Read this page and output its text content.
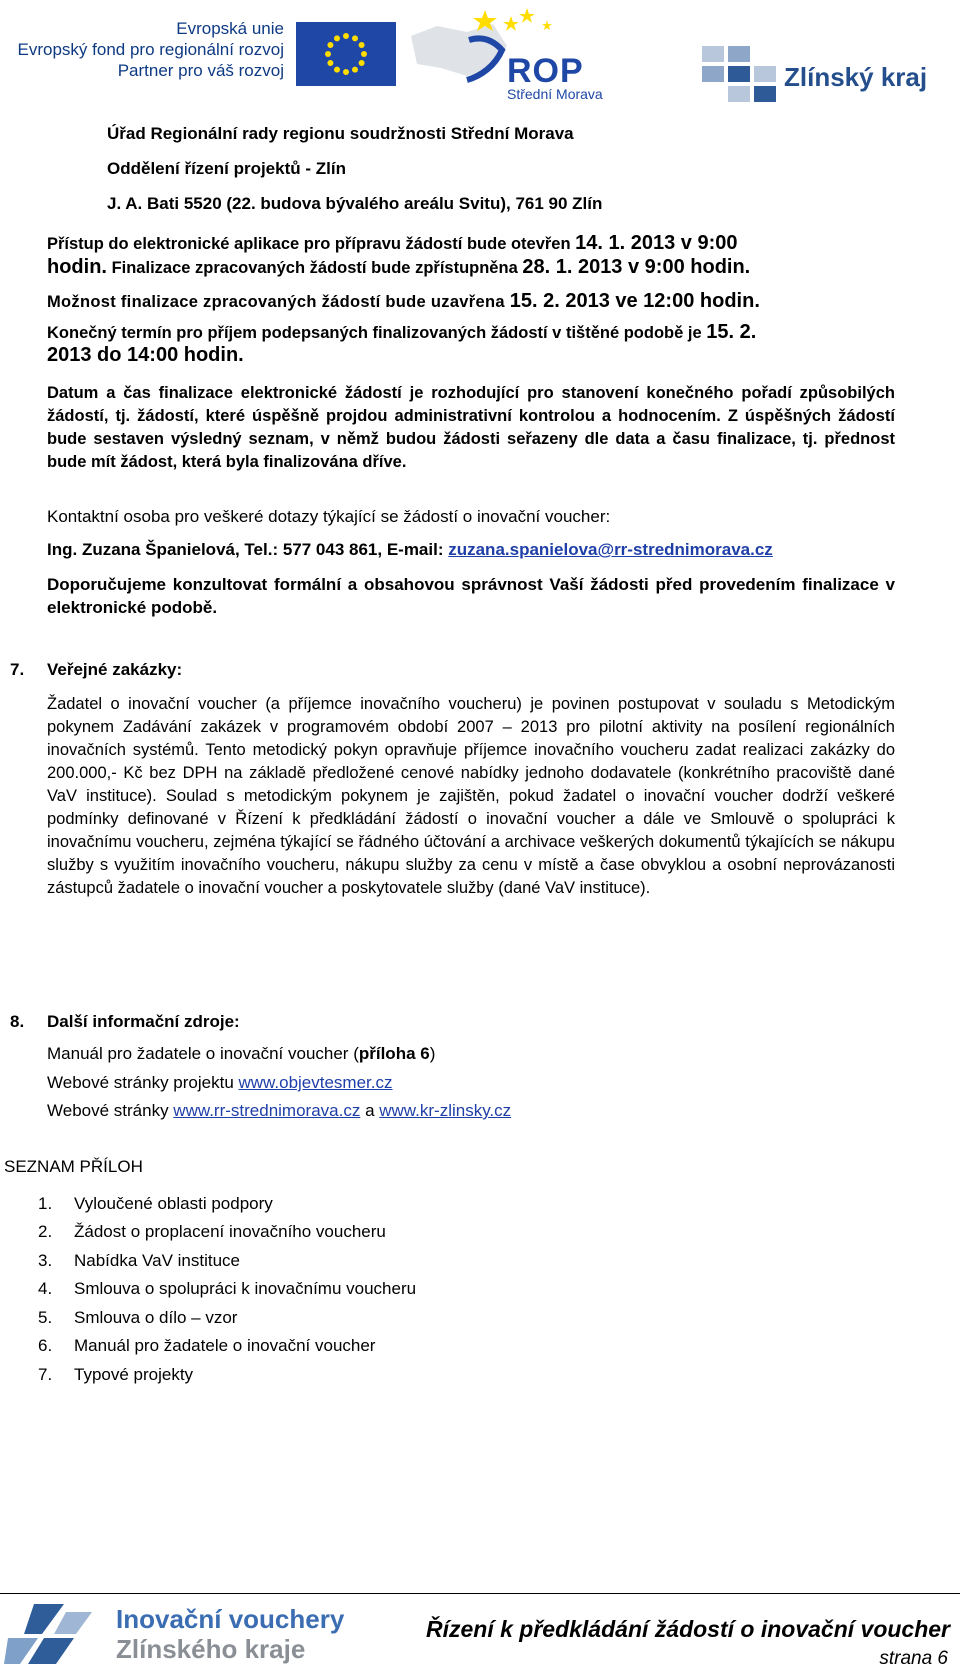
Evropská unie
Evropský fond pro regionální rozvoj
Partner pro váš rozvoj	ROP
Střední Morava
Zlínský kraj
Úřad Regionální rady regionu soudržnosti Střední Morava
Oddělení řízení projektů - Zlín
J. A. Bati 5520 (22. budova bývalého areálu Svitu), 761 90 Zlín
Přístup do elektronické aplikace pro přípravu žádostí bude otevřen 14. 1. 2013 v 9:00
hodin. Finalizace zpracovaných žádostí bude zpřístupněna 28. 1. 2013 v 9:00 hodin.
Možnost finalizace zpracovaných žádostí bude uzavřena 15. 2. 2013 ve 12:00 hodin.
Konečný termín pro příjem podepsaných finalizovaných žádostí v tištěné podobě je 15. 2.
2013 do 14:00 hodin.

Datum a čas finalizace elektronické žádostí je rozhodující pro stanovení konečného pořadí způsobilých žádostí, tj. žádostí, které úspěšně projdou administrativní kontrolou a hodnocením. Z úspěšných žádostí bude sestaven výsledný seznam, v němž budou žádosti seřazeny dle data a času finalizace, tj. přednost bude mít žádost, která byla finalizována dříve.

Kontaktní osoba pro veškeré dotazy týkající se žádostí o inovační voucher:
Ing. Zuzana Španielová, Tel.: 577 043 861, E-mail: zuzana.spanielova@rr-strednimorava.cz

Doporučujeme konzultovat formální a obsahovou správnost Vaší žádosti před provedením finalizace v elektronické podobě.

7. Veřejné zakázky:

Žadatel o inovační voucher (a příjemce inovačního voucheru) je povinen postupovat v souladu s Metodickým pokynem Zadávání zakázek v programovém období 2007 – 2013 pro pilotní aktivity na posílení regionálních inovačních systémů. Tento metodický pokyn opravňuje příjemce inovačního voucheru zadat realizaci zakázky do 200.000,- Kč bez DPH na základě předložené cenové nabídky jednoho dodavatele (konkrétního pracoviště dané VaV instituce). Soulad s metodickým pokynem je zajištěn, pokud žadatel o inovační voucher dodrží veškeré podmínky definované v Řízení k předkládání žádostí o inovační voucher a dále ve Smlouvě o spolupráci k inovačnímu voucheru, zejména týkající se řádného účtování a archivace veškerých dokumentů týkajících se nákupu služby s využitím inovačního voucheru, nákupu služby za cenu v místě a čase obvyklou a osobní neprovázanosti zástupců žadatele o inovační voucher a poskytovatele služby (dané VaV instituce).

8. Další informační zdroje:
Manuál pro žadatele o inovační voucher (příloha 6)
Webové stránky projektu www.objevtesmer.cz
Webové stránky www.rr-strednimorava.cz a www.kr-zlinsky.cz
SEZNAM PŘÍLOH
1. Vyloučené oblasti podpory
2. Žádost o proplacení inovačního voucheru
3. Nabídka VaV instituce
4. Smlouva o spolupráci k inovačnímu voucheru
5. Smlouva o dílo – vzor
6. Manuál pro žadatele o inovační voucher
7. Typové projekty
Inovační vouchery
Zlínského kraje
Řízení k předkládání žádostí o inovační voucher
strana 6
